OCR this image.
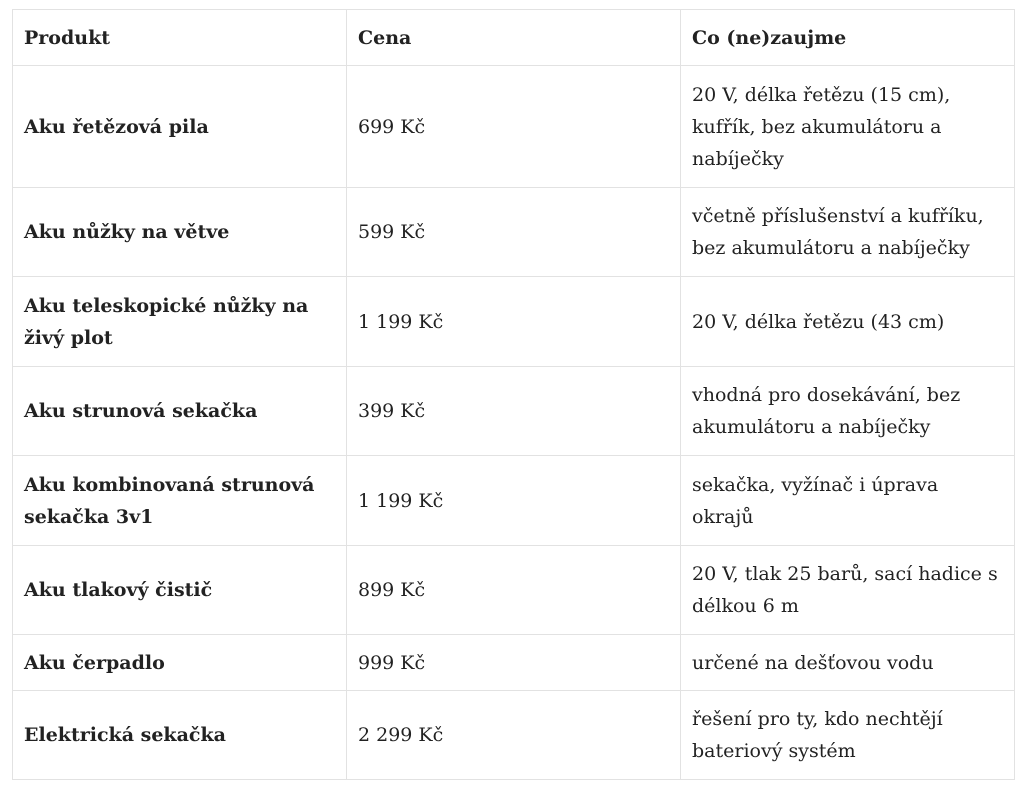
Produkt	Cena	Co (ne)zaujme
Aku řetězová pila	699 Kč	20 V, délka řetězu (15 cm), kufřík, bez akumulátoru a nabíječky
Aku nůžky na větve	599 Kč	včetně příslušenství a kufříku, bez akumulátoru a nabíječky
Aku teleskopické nůžky na živý plot	1 199 Kč	20 V, délka řetězu (43 cm)
Aku strunová sekačka	399 Kč	vhodná pro dosekávání, bez akumulátoru a nabíječky
Aku kombinovaná strunová sekačka 3v1	1 199 Kč	sekačka, vyžínač i úprava okrajů
Aku tlakový čistič	899 Kč	20 V, tlak 25 barů, sací hadice s délkou 6 m
Aku čerpadlo	999 Kč	určené na dešťovou vodu
Elektrická sekačka	2 299 Kč	řešení pro ty, kdo nechtějí bateriový systém
